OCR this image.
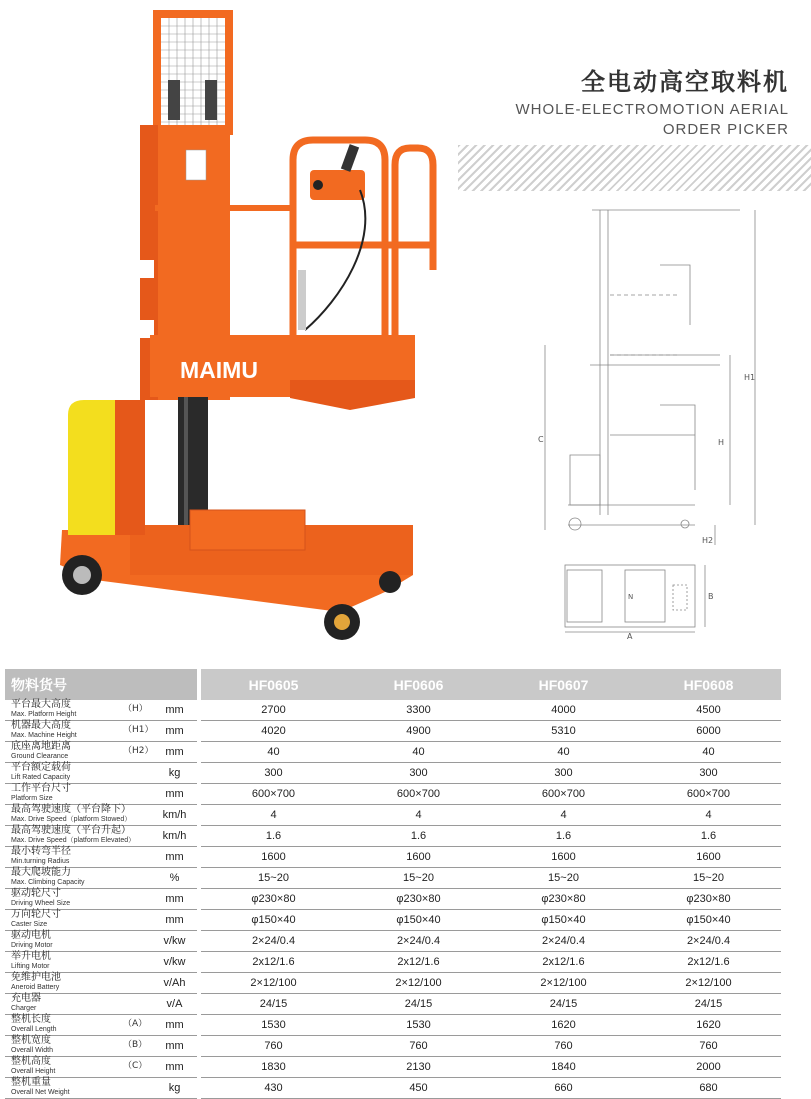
MAIMU
全电动高空取料机
WHOLE-ELECTROMOTION AERIAL
ORDER PICKER
C	H
H1
H2
A
B
N
物料货号			HF0605	HF0606	HF0607	HF0608

平台最大高度
Max. Platform Height
（H）	mm		2700	3300	4000	4500

机器最大高度
Max. Machine Height
（H1）	mm		4020	4900	5310	6000

底座离地距离
Ground Clearance
（H2）	mm		40	40	40	40

平台额定载荷
Lift Rated Capacity	kg		300	300	300	300

工作平台尺寸
Platform Size	mm		600×700	600×700	600×700	600×700

最高驾驶速度（平台降下）
Max. Drive Speed（platform Stowed）	km/h		4	4	4	4

最高驾驶速度（平台升起）
Max. Drive Speed（platform Elevated）	km/h		1.6	1.6	1.6	1.6

最小转弯半径
Min.turning Radius	mm		1600	1600	1600	1600

最大爬坡能力
Max. Climbing Capacity	%		15~20	15~20	15~20	15~20

驱动轮尺寸
Driving Wheel Size	mm		φ230×80	φ230×80	φ230×80	φ230×80

万向轮尺寸
Caster Size	mm		φ150×40	φ150×40	φ150×40	φ150×40

驱动电机
Driving Motor	v/kw		2×24/0.4	2×24/0.4	2×24/0.4	2×24/0.4

举升电机
Lifting Motor	v/kw		2x12/1.6	2x12/1.6	2x12/1.6	2x12/1.6

免维护电池
Aneroid Battery	v/Ah		2×12/100	2×12/100	2×12/100	2×12/100

充电器
Charger	v/A		24/15	24/15	24/15	24/15

整机长度
Overall Length
（A）	mm		1530	1530	1620	1620

整机宽度
Overall Width
（B）	mm		760	760	760	760

整机高度
Overall Height
（C）	mm		1830	2130	1840	2000

整机重量
Overall Net Weight	kg		430	450	660	680
